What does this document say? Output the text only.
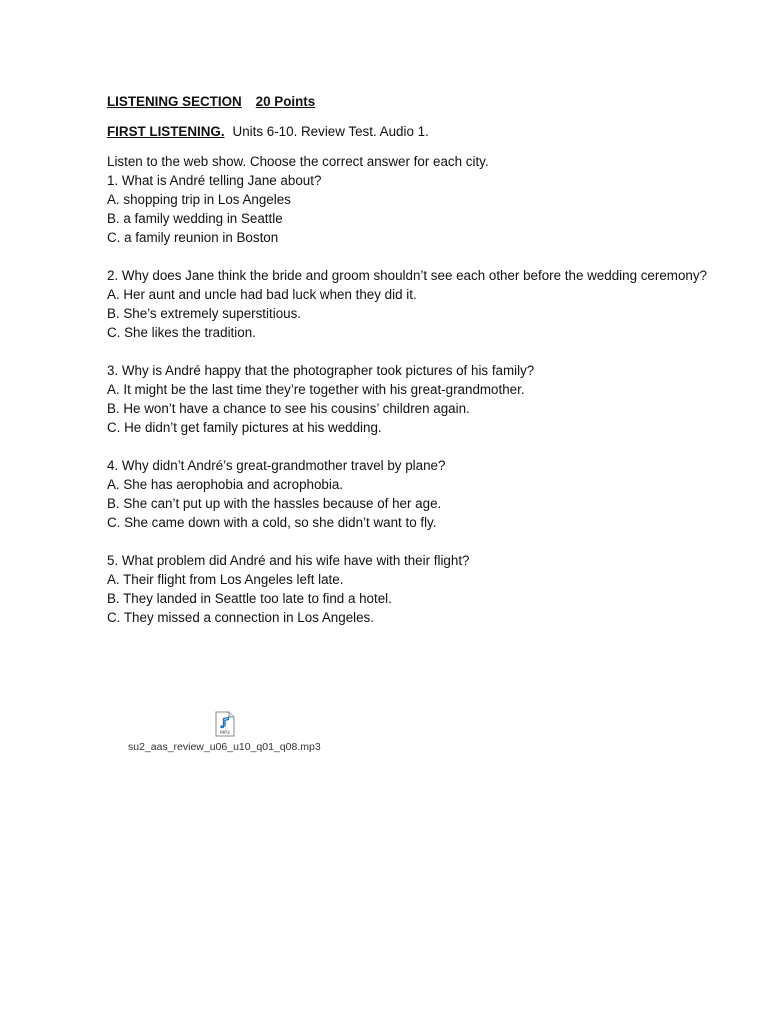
LISTENING SECTION 20 Points

FIRST LISTENING. Units 6-10. Review Test. Audio 1.

Listen to the web show. Choose the correct answer for each city.

1. What is André telling Jane about?

A. shopping trip in Los Angeles

B. a family wedding in Seattle

C. a family reunion in Boston

2. Why does Jane think the bride and groom shouldn’t see each other before the wedding ceremony?

A. Her aunt and uncle had bad luck when they did it.

B. She’s extremely superstitious.

C. She likes the tradition.

3. Why is André happy that the photographer took pictures of his family?

A. It might be the last time they’re together with his great-grandmother.

B. He won’t have a chance to see his cousins’ children again.

C. He didn’t get family pictures at his wedding.

4. Why didn’t André’s great-grandmother travel by plane?

A. She has aerophobia and acrophobia.

B. She can’t put up with the hassles because of her age.

C. She came down with a cold, so she didn’t want to fly.

5. What problem did André and his wife have with their flight?

A. Their flight from Los Angeles left late.

B. They landed in Seattle too late to find a hotel.

C. They missed a connection in Los Angeles.

MP3
su2_aas_review_u06_u10_q01_q08.mp3
